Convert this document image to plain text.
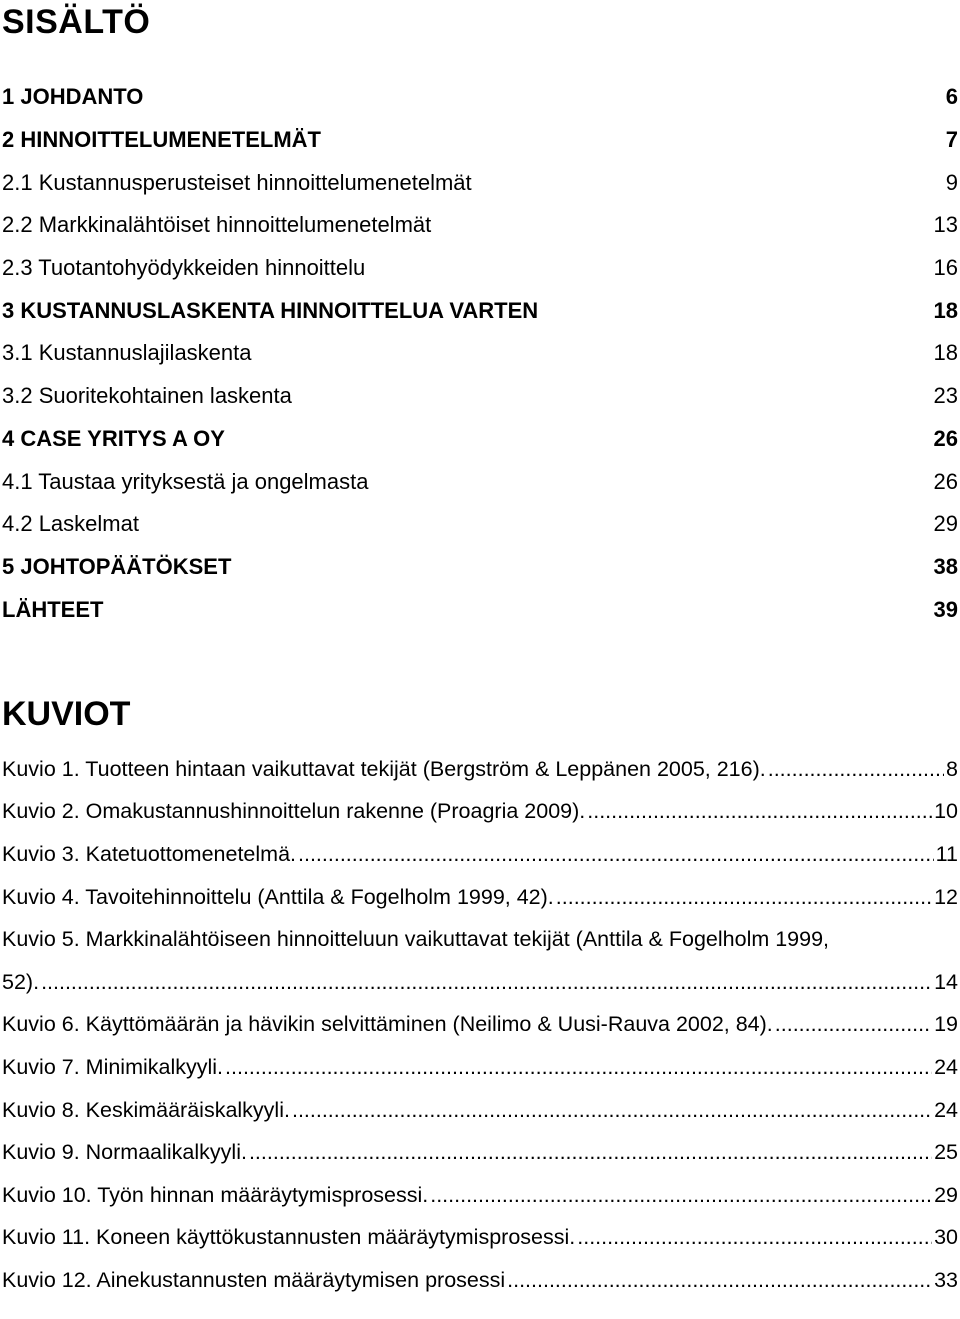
SISÄLTÖ
1 JOHDANTO	6
2 HINNOITTELUMENETELMÄT	7
2.1 Kustannusperusteiset hinnoittelumenetelmät	9
2.2 Markkinalähtöiset hinnoittelumenetelmät	13
2.3 Tuotantohyödykkeiden hinnoittelu	16
3 KUSTANNUSLASKENTA HINNOITTELUA VARTEN	18
3.1 Kustannuslajilaskenta	18
3.2 Suoritekohtainen laskenta	23
4 CASE YRITYS A OY	26
4.1 Taustaa yrityksestä ja ongelmasta	26
4.2 Laskelmat	29
5 JOHTOPÄÄTÖKSET	38
LÄHTEET	39
KUVIOT
Kuvio 1. Tuotteen hintaan vaikuttavat tekijät (Bergström & Leppänen 2005, 216). .....	8
Kuvio 2. Omakustannushinnoittelun rakenne (Proagria 2009). .....	10
Kuvio 3. Katetuottomenetelmä. .....	11
Kuvio 4. Tavoitehinnoittelu (Anttila & Fogelholm 1999, 42). .....	12
Kuvio 5. Markkinalähtöiseen hinnoitteluun vaikuttavat tekijät (Anttila & Fogelholm 1999,
52). .....	14
Kuvio 6. Käyttömäärän ja hävikin selvittäminen (Neilimo & Uusi-Rauva 2002, 84). .....	19
Kuvio 7. Minimikalkyyli. .....	24
Kuvio 8. Keskimääräiskalkyyli. .....	24
Kuvio 9. Normaalikalkyyli. .....	25
Kuvio 10. Työn hinnan määräytymisprosessi. .....	29
Kuvio 11. Koneen käyttökustannusten määräytymisprosessi. .....	30
Kuvio 12. Ainekustannusten määräytymisen prosessi .....	33
